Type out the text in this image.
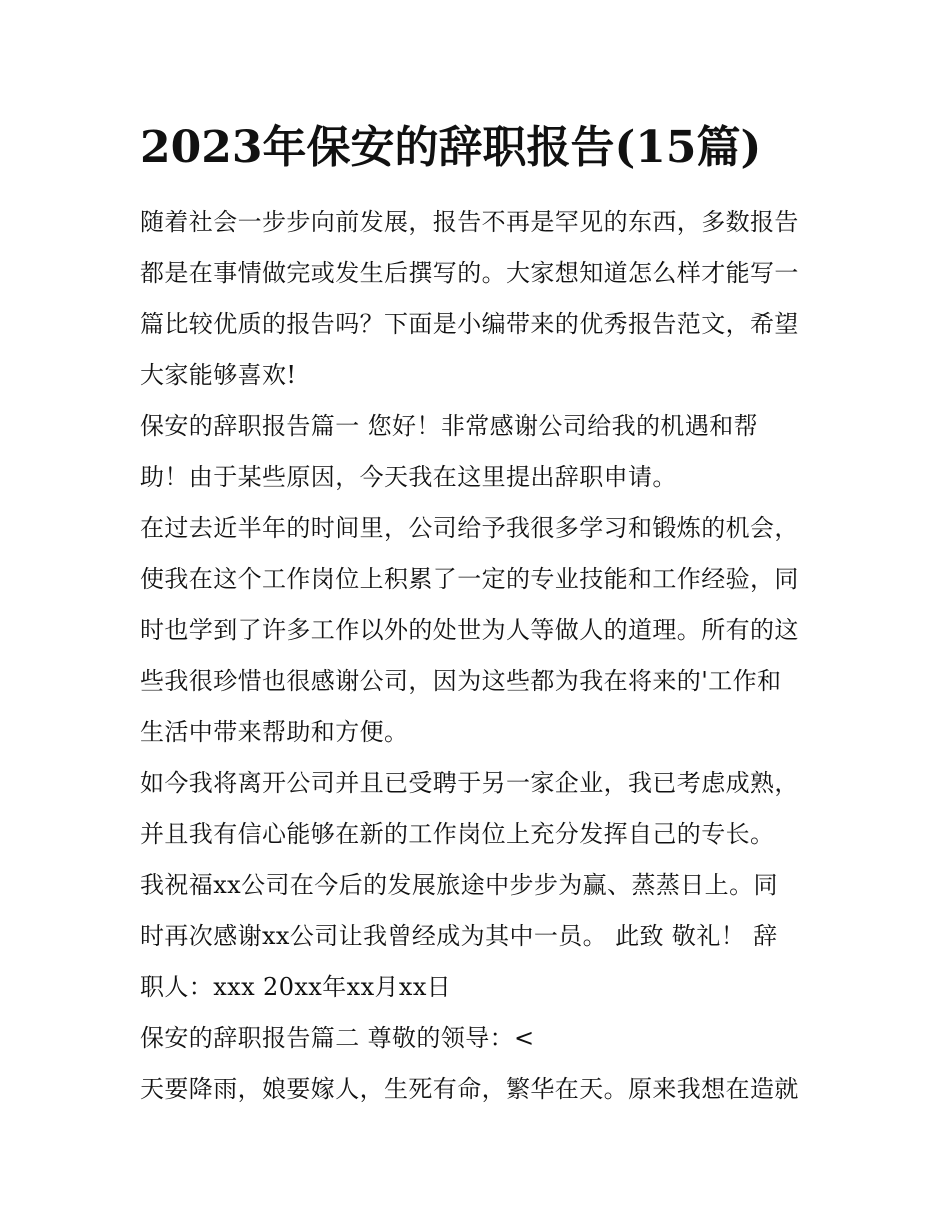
2023年保安的辞职报告(15篇)

随着社会一步步向前发展，报告不再是罕见的东西，多数报告

都是在事情做完或发生后撰写的。大家想知道怎么样才能写一

篇比较优质的报告吗？下面是小编带来的优秀报告范文，希望

大家能够喜欢!

保安的辞职报告篇一 您好！非常感谢公司给我的机遇和帮

助！由于某些原因，今天我在这里提出辞职申请。

在过去近半年的时间里，公司给予我很多学习和锻炼的机会，

使我在这个工作岗位上积累了一定的专业技能和工作经验，同

时也学到了许多工作以外的处世为人等做人的道理。所有的这

些我很珍惜也很感谢公司，因为这些都为我在将来的'工作和

生活中带来帮助和方便。

如今我将离开公司并且已受聘于另一家企业，我已考虑成熟，

并且我有信心能够在新的工作岗位上充分发挥自己的专长。

我祝福xx公司在今后的发展旅途中步步为赢、蒸蒸日上。同

时再次感谢xx公司让我曾经成为其中一员。 此致 敬礼！ 辞

职人：xxx 20xx年xx月xx日

保安的辞职报告篇二 尊敬的领导：<

天要降雨，娘要嫁人，生死有命，繁华在天。原来我想在造就
